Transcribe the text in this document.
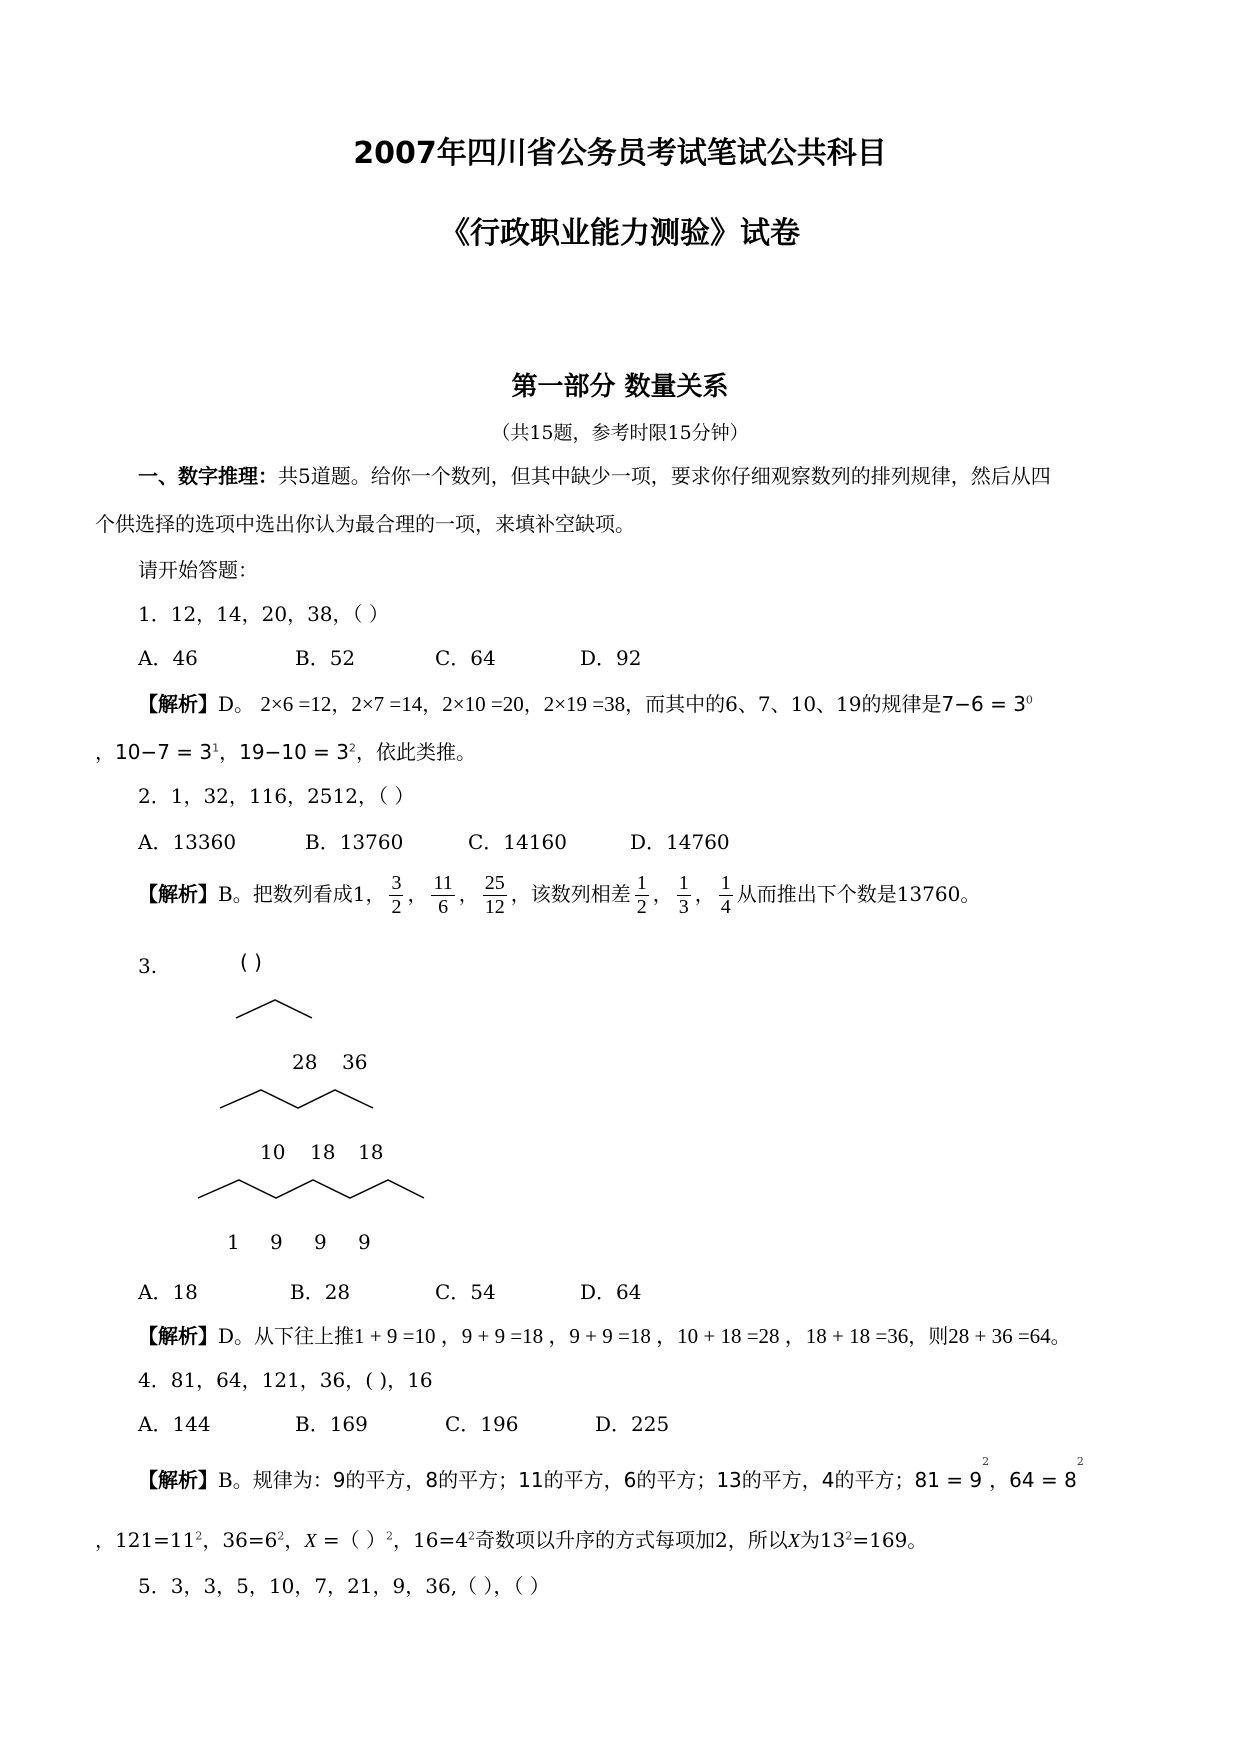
2007年四川省公务员考试笔试公共科目
《行政职业能力测验》试卷
第一部分 数量关系
（共15题，参考时限15分钟）
一、数字推理：共5道题。给你一个数列，但其中缺少一项，要求你仔细观察数列的排列规律，然后从四
个供选择的选项中选出你认为最合理的一项，来填补空缺项。
请开始答题：
1．12，14，20，38，（ ）
A．46	B．52	C．64	D．92
【解析】D。 2×6 =12，2×7 =14，2×10 =20，2×19 =38，而其中的6、7、10、19的规律是$7-6 = 3^0$
，$10-7 = 3^1$，$19-10 = 3^2$，依此类推。
2．1，32，116，2512，（ ）
A．13360	B．13760	C．14160	D．14760
【解析】B。把数列看成1， $\frac{3}{2}$ ， $\frac{11}{6}$ ， $\frac{25}{12}$ ，该数列相差 $\frac{1}{2}$ ， $\frac{1}{3}$ ， $\frac{1}{4}$ 从而推出下个数是13760。
3.	( )
28 36
10 18 18
1 9 9 9
A．18	B．28	C．54	D．64
【解析】D。从下往上推1 + 9 =10 ，9 + 9 =18 ，9 + 9 =18 ，10 + 18 =28 ，18 + 18 =36，则28 + 36 =64。
4．81，64，121，36，( )，16
A．144	B．169	C．196	D．225
【解析】B。规律为：9的平方，8的平方；11的平方，6的平方；13的平方，4的平方；$81 = 9^2$，$64 = 8^2$
，$121=11^2$，$36=6^2$，X =（ ）$^2$，$16=4^2$奇数项以升序的方式每项加2，所以X为$13^2=169$。
5．3，3，5，10，7，21，9，36,（ ），（ ）
